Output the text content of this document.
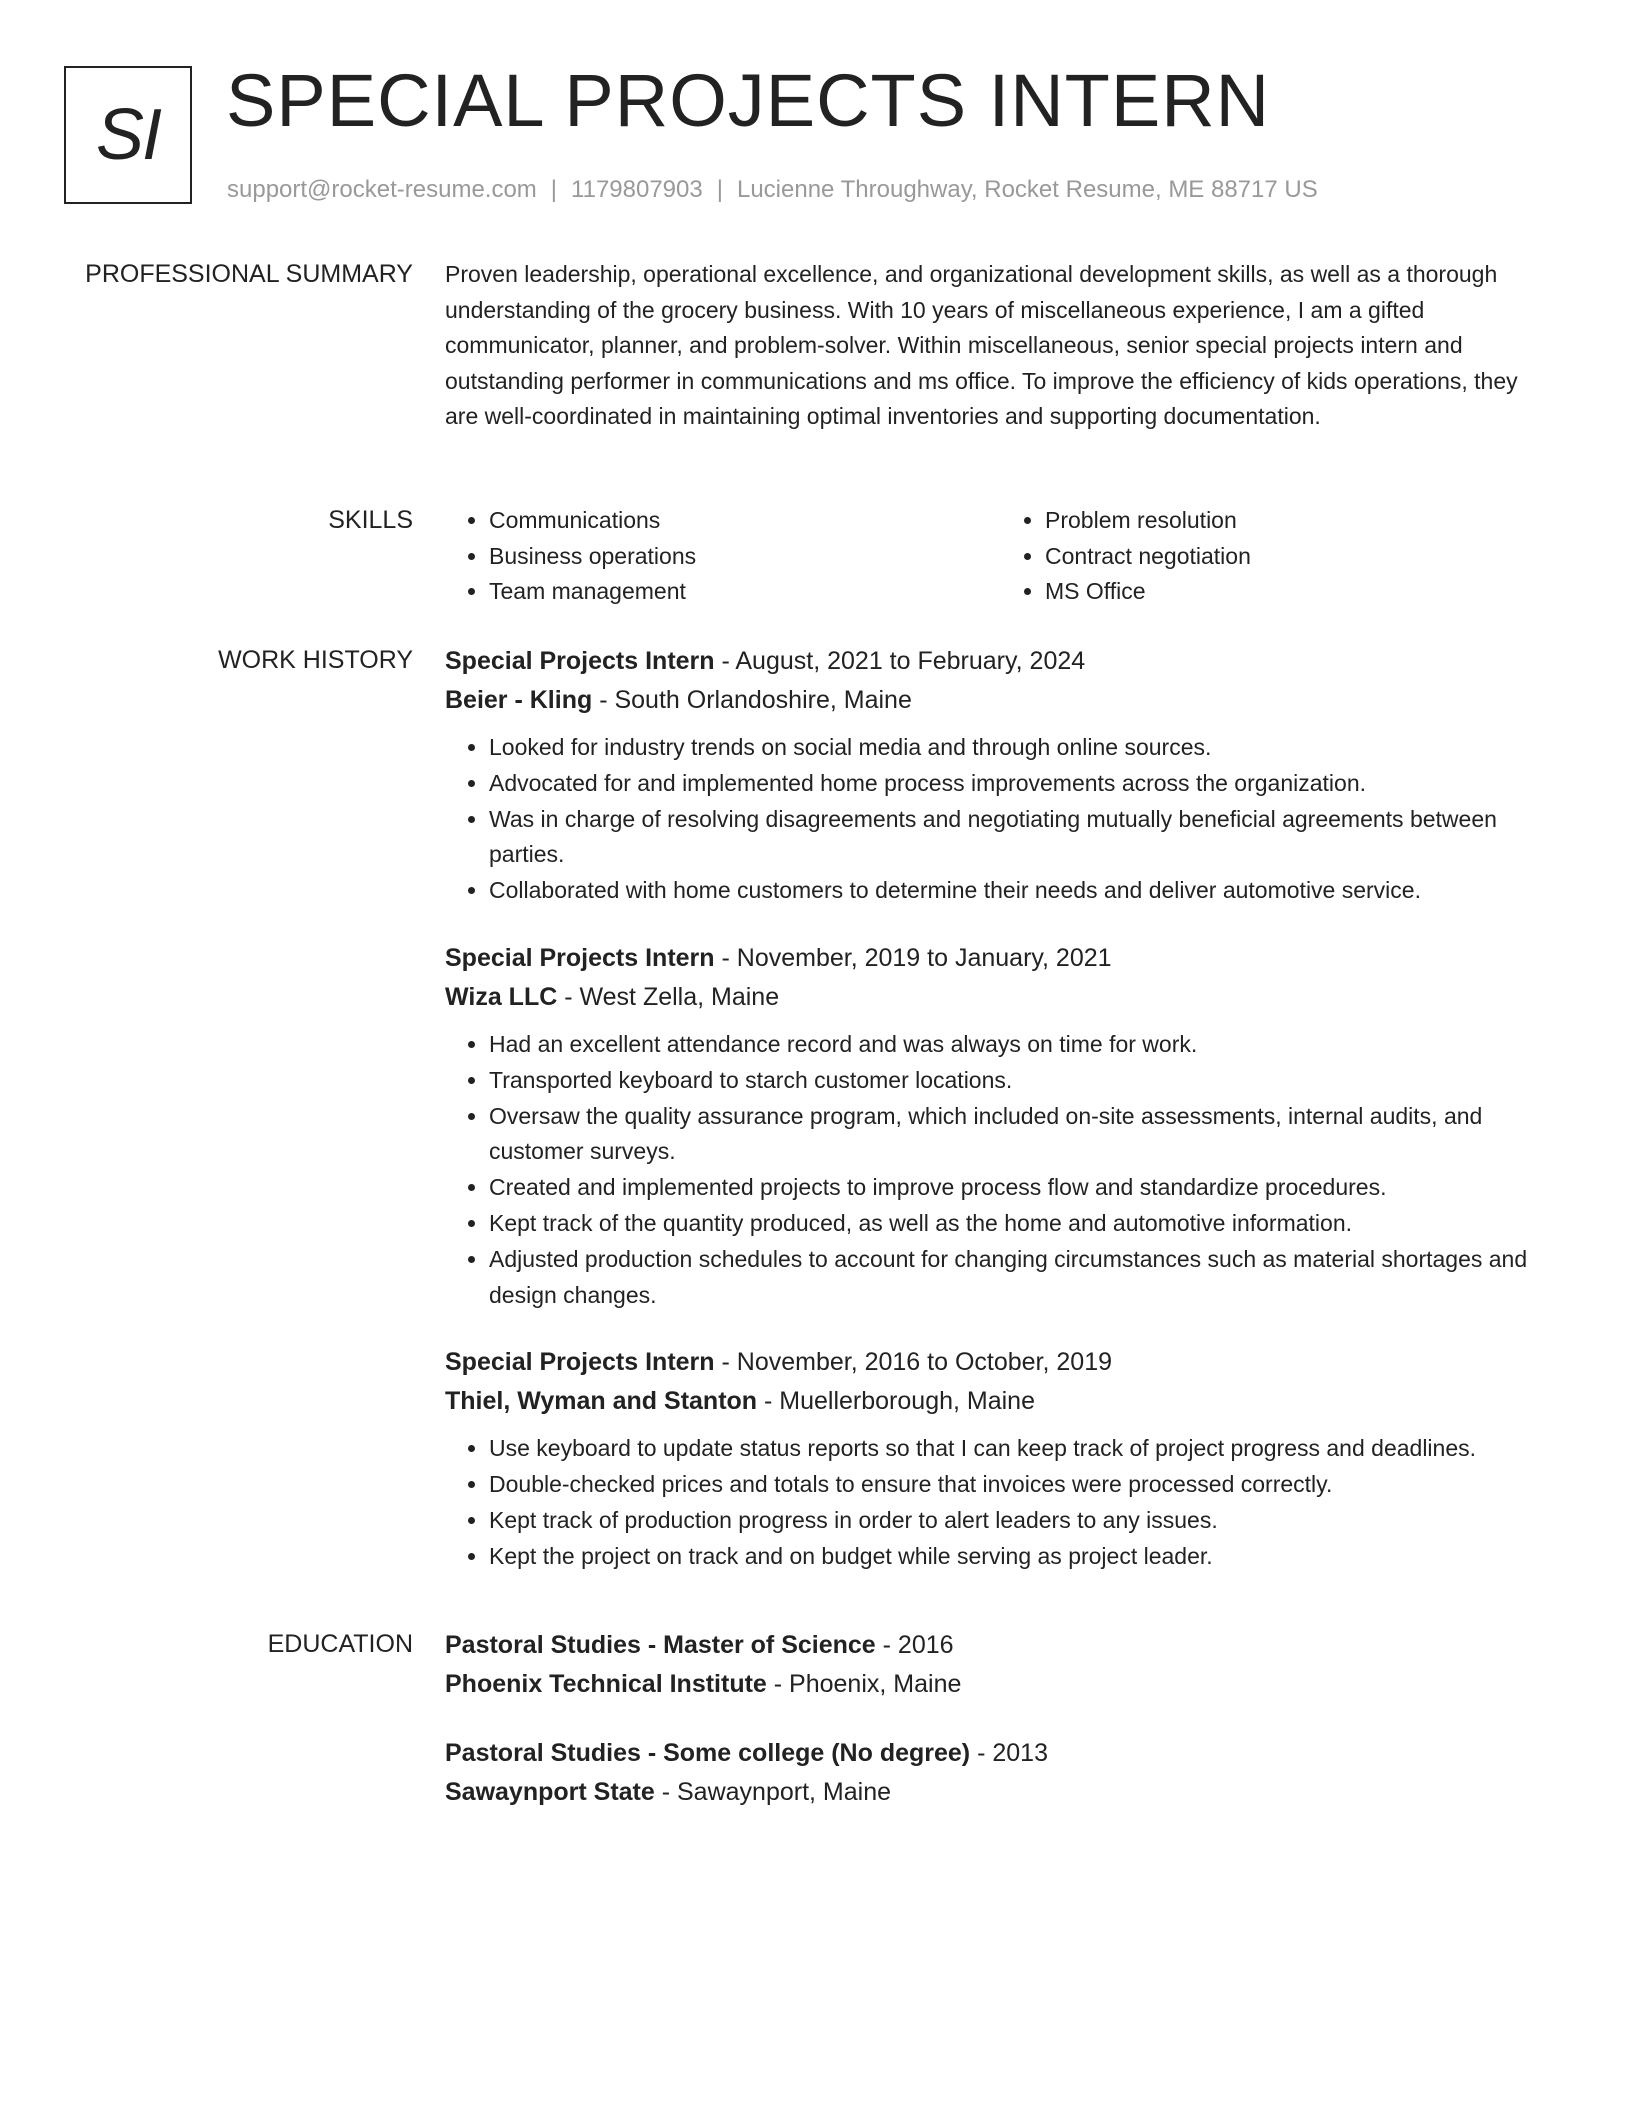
SI SPECIAL PROJECTS INTERN
support@rocket-resume.com | 1179807903 | Lucienne Throughway, Rocket Resume, ME 88717 US
PROFESSIONAL SUMMARY Proven leadership, operational excellence, and organizational development skills, as well as a thorough understanding of the grocery business. With 10 years of miscellaneous experience, I am a gifted communicator, planner, and problem-solver. Within miscellaneous, senior special projects intern and outstanding performer in communications and ms office. To improve the efficiency of kids operations, they are well-coordinated in maintaining optimal inventories and supporting documentation.

SKILLS
•	Communications
• Business operations
• Team management
• Problem resolution
• Contract negotiation
• MS Office
WORK HISTORY Special Projects Intern - August, 2021 to February, 2024
Beier - Kling - South Orlandoshire, Maine
• Looked for industry trends on social media and through online sources.
• Advocated for and implemented home process improvements across the organization.
• Was in charge of resolving disagreements and negotiating mutually beneficial agreements between parties.
• Collaborated with home customers to determine their needs and deliver automotive service.
Special Projects Intern - November, 2019 to January, 2021
Wiza LLC - West Zella, Maine
• Had an excellent attendance record and was always on time for work.
• Transported keyboard to starch customer locations.
• Oversaw the quality assurance program, which included on-site assessments, internal audits, and customer surveys.
• Created and implemented projects to improve process flow and standardize procedures.
• Kept track of the quantity produced, as well as the home and automotive information.
• Adjusted production schedules to account for changing circumstances such as material shortages and design changes.
Special Projects Intern - November, 2016 to October, 2019
Thiel, Wyman and Stanton - Muellerborough, Maine
• Use keyboard to update status reports so that I can keep track of project progress and deadlines.
• Double-checked prices and totals to ensure that invoices were processed correctly.
• Kept track of production progress in order to alert leaders to any issues.
• Kept the project on track and on budget while serving as project leader.
EDUCATION Pastoral Studies - Master of Science - 2016
Phoenix Technical Institute - Phoenix, Maine
Pastoral Studies - Some college (No degree) - 2013
Sawaynport State - Sawaynport, Maine
